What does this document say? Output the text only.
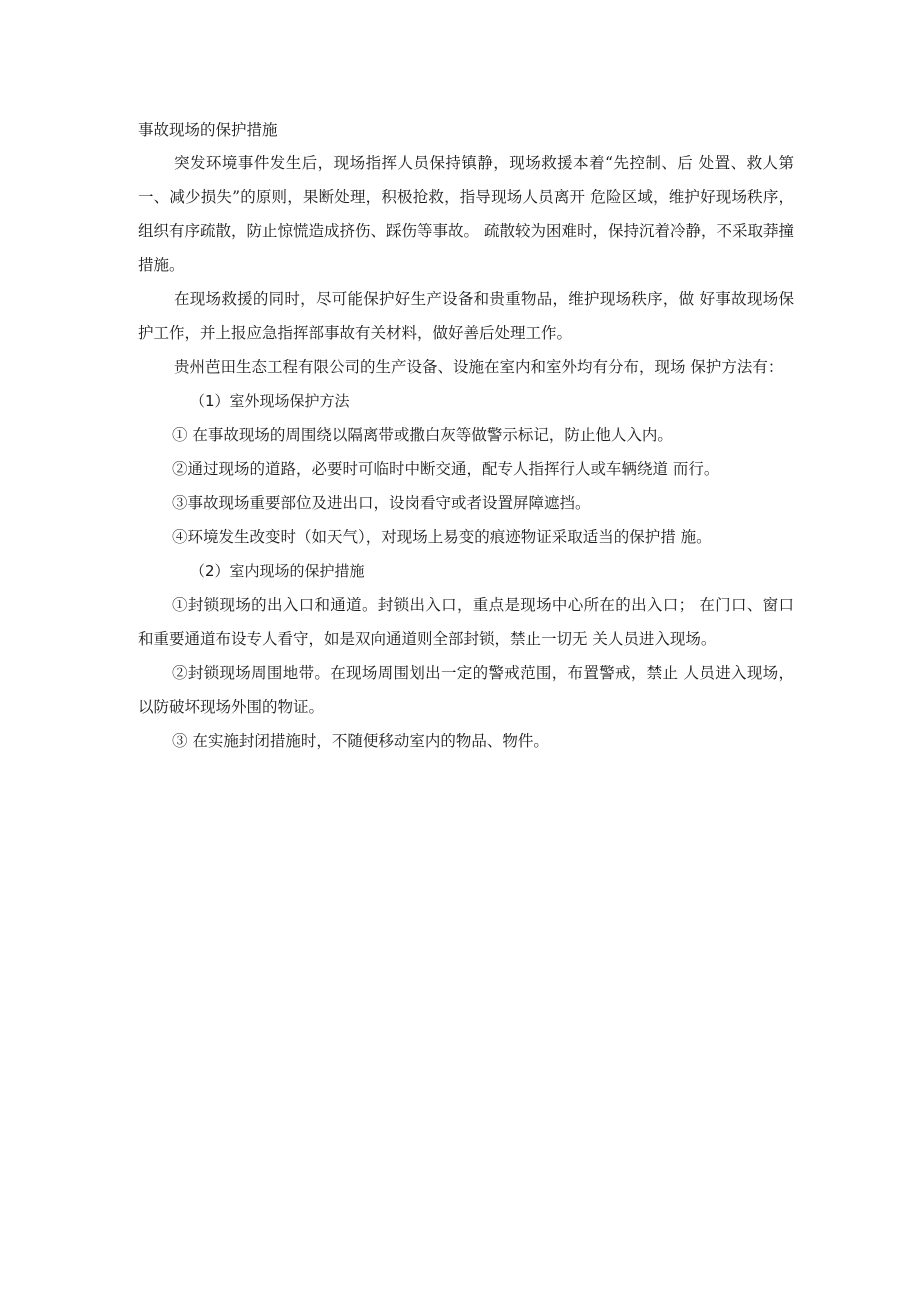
事故现场的保护措施

突发环境事件发生后，现场指挥人员保持镇静，现场救援本着“先控制、后 处置、救人第一、减少损失”的原则，果断处理，积极抢救，指导现场人员离开 危险区域，维护好现场秩序，组织有序疏散，防止惊慌造成挤伤、踩伤等事故。 疏散较为困难时，保持沉着冷静，不采取莽撞措施。

在现场救援的同时，尽可能保护好生产设备和贵重物品，维护现场秩序，做 好事故现场保护工作，并上报应急指挥部事故有关材料，做好善后处理工作。

贵州芭田生态工程有限公司的生产设备、设施在室内和室外均有分布，现场 保护方法有：

（1）室外现场保护方法

① 在事故现场的周围绕以隔离带或撒白灰等做警示标记，防止他人入内。

②通过现场的道路，必要时可临时中断交通，配专人指挥行人或车辆绕道 而行。

③事故现场重要部位及进出口，设岗看守或者设置屏障遮挡。

④环境发生改变时（如天气），对现场上易变的痕迹物证采取适当的保护措 施。

（2）室内现场的保护措施

①封锁现场的出入口和通道。封锁出入口，重点是现场中心所在的出入口； 在门口、窗口和重要通道布设专人看守，如是双向通道则全部封锁，禁止一切无 关人员进入现场。

②封锁现场周围地带。在现场周围划出一定的警戒范围，布置警戒，禁止 人员进入现场，以防破坏现场外围的物证。

③ 在实施封闭措施时，不随便移动室内的物品、物件。
